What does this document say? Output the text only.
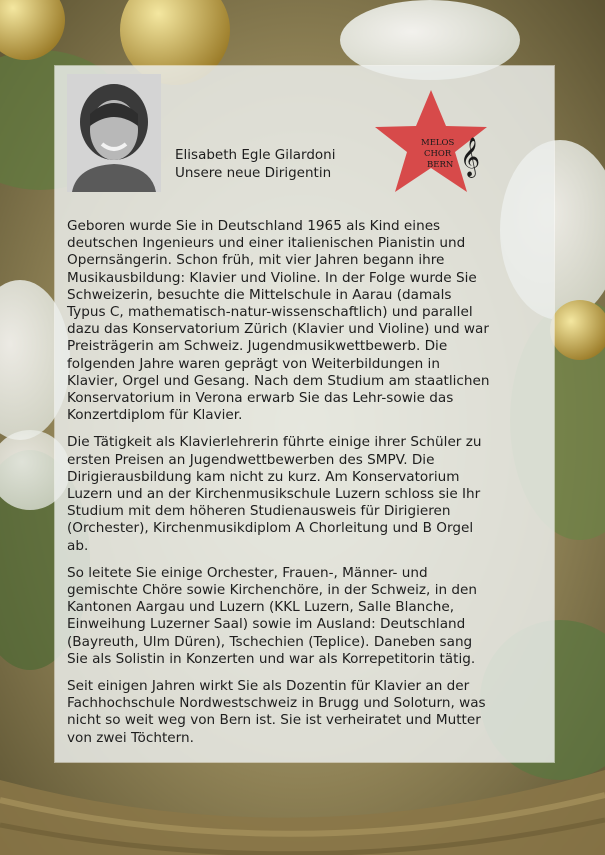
Elisabeth Egle Gilardoni
Unsere neue Dirigentin
MELOS
CHOR
BERN 𝄞

Geboren wurde Sie in Deutschland 1965 als Kind eines
deutschen Ingenieurs und einer italienischen Pianistin und
Opernsängerin. Schon früh, mit vier Jahren begann ihre
Musikausbildung: Klavier und Violine. In der Folge wurde Sie
Schweizerin, besuchte die Mittelschule in Aarau (damals
Typus C, mathematisch-natur-wissenschaftlich) und parallel
dazu das Konservatorium Zürich (Klavier und Violine) und war
Preisträgerin am Schweiz. Jugendmusikwettbewerb. Die
folgenden Jahre waren geprägt von Weiterbildungen in
Klavier, Orgel und Gesang. Nach dem Studium am staatlichen
Konservatorium in Verona erwarb Sie das Lehr-sowie das
Konzertdiplom für Klavier.

Die Tätigkeit als Klavierlehrerin führte einige ihrer Schüler zu
ersten Preisen an Jugendwettbewerben des SMPV. Die
Dirigierausbildung kam nicht zu kurz. Am Konservatorium
Luzern und an der Kirchenmusikschule Luzern schloss sie Ihr
Studium mit dem höheren Studienausweis für Dirigieren
(Orchester), Kirchenmusikdiplom A Chorleitung und B Orgel
ab.

So leitete Sie einige Orchester, Frauen-, Männer- und
gemischte Chöre sowie Kirchenchöre, in der Schweiz, in den
Kantonen Aargau und Luzern (KKL Luzern, Salle Blanche,
Einweihung Luzerner Saal) sowie im Ausland: Deutschland
(Bayreuth, Ulm Düren), Tschechien (Teplice). Daneben sang
Sie als Solistin in Konzerten und war als Korrepetitorin tätig.

Seit einigen Jahren wirkt Sie als Dozentin für Klavier an der
Fachhochschule Nordwestschweiz in Brugg und Soloturn, was
nicht so weit weg von Bern ist. Sie ist verheiratet und Mutter
von zwei Töchtern.
